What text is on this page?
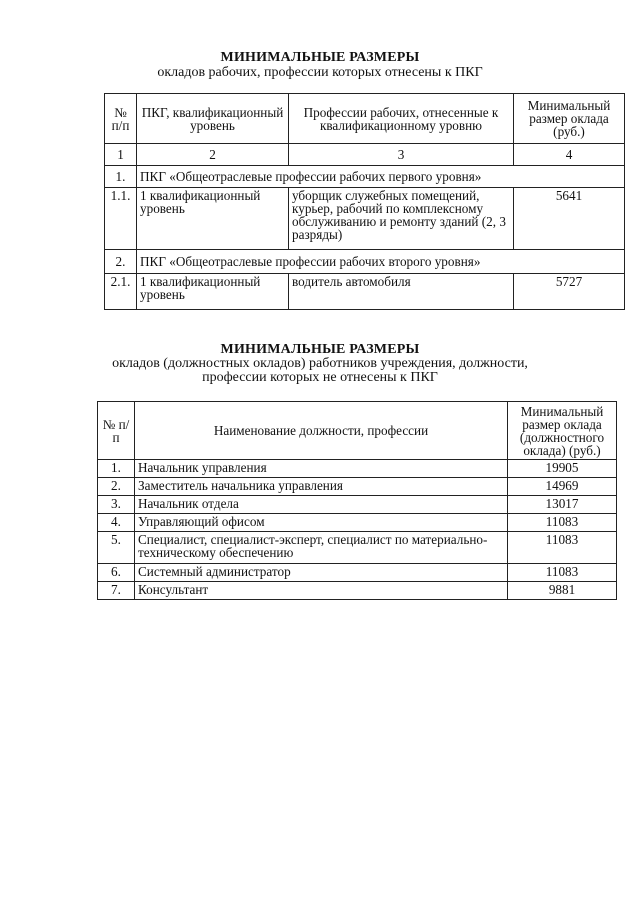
МИНИМАЛЬНЫЕ РАЗМЕРЫ
окладов рабочих, профессии которых отнесены к ПКГ
№ п/п	ПКГ, квалификационный уровень	Профессии рабочих, отнесенные к квалификационному уровню	Минимальный размер оклада (руб.)
1	2	3	4
1.	ПКГ «Общеотраслевые профессии рабочих первого уровня»		
1.1.	1 квалификационный уровень	уборщик служебных помещений, курьер, рабочий по комплексному обслуживанию и ремонту зданий (2, 3 разряды)	5641
2.	ПКГ «Общеотраслевые профессии рабочих второго уровня»		
2.1.	1 квалификационный уровень	водитель автомобиля	5727
МИНИМАЛЬНЫЕ РАЗМЕРЫ
окладов (должностных окладов) работников учреждения, должности,
профессии которых не отнесены к ПКГ
№ п/п	Наименование должности, профессии	Минимальный размер оклада (должностного оклада) (руб.)
1.	Начальник управления	19905
2.	Заместитель начальника управления	14969
3.	Начальник отдела	13017
4.	Управляющий офисом	11083
5.	Специалист, специалист-эксперт, специалист по материально-техническому обеспечению	11083
6.	Системный администратор	11083
7.	Консультант	9881
